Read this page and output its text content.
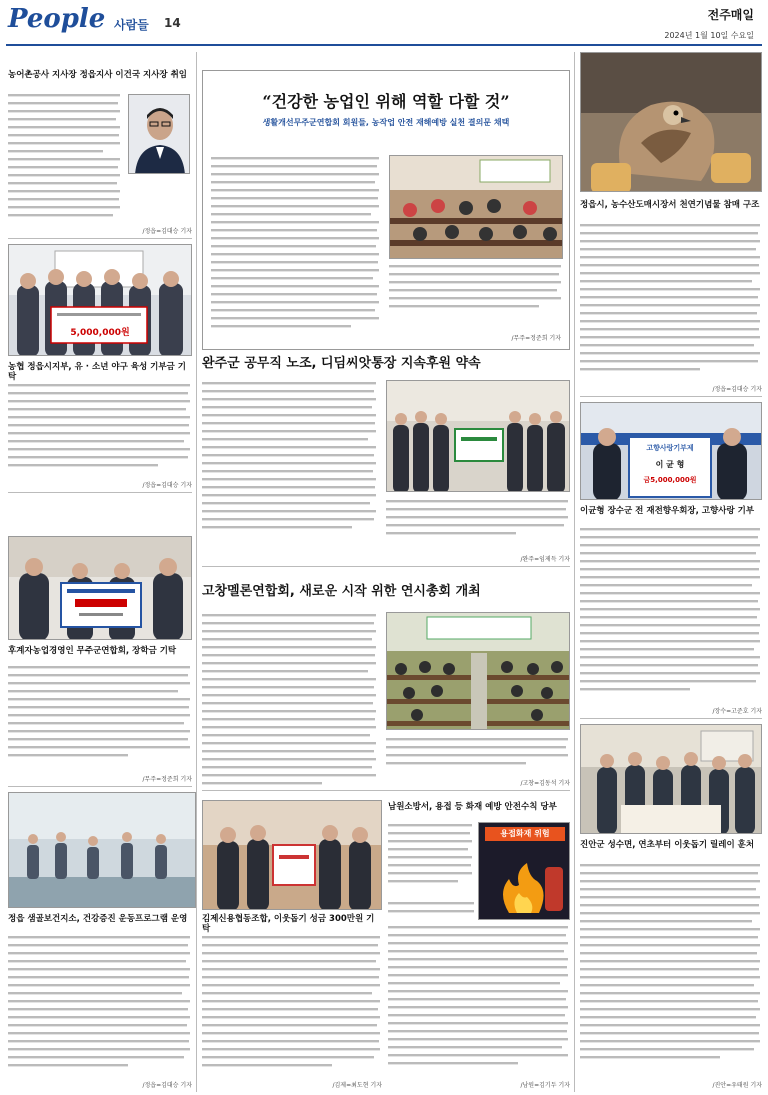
People 사람들 14
전주매일
2024년 1월 10일 수요일
농어촌공사 지사장 정읍지사 이건국 지사장 취임
/정읍=김대승 기자
5,000,000원
농협 정읍시지부, 유 · 소년 야구 육성 기부금 기탁
/정읍=김대승 기자
후계자농업경영인 무주군연합회, 장학금 기탁
/무주=정준희 기자
“건강한 농업인 위해 역할 다할 것”
생활개선무주군연합회 회원들, 농작업 안전 재해예방 실천 결의문 채택
/무주=정준희 기자
완주군 공무직 노조, 디딤씨앗통장 지속후원 약속
/완주=임제득 기자
고창멜론연합회, 새로운 시작 위한 연시총회 개최
/고창=김동석 기자
김제신용협동조합, 이웃돕기 성금 300만원 기탁
/김제=최도현 기자
남원소방서, 용접 등 화재 예방 안전수칙 당부
용접화재 위험
/남원=김기두 기자
정읍 샘골보건지소, 건강증진 운동프로그램 운영
/정읍=김대승 기자
정읍시, 농수산도매시장서 천연기념물 참매 구조
/정읍=김대승 기자
고향사랑기부제
이 균 형
금5,000,000원
이균형 장수군 전 재전향우회장, 고향사랑 기부
/장수=고준호 기자
진안군 성수면, 연초부터 이웃돕기 릴레이 훈처
/진안=우태원 기자
